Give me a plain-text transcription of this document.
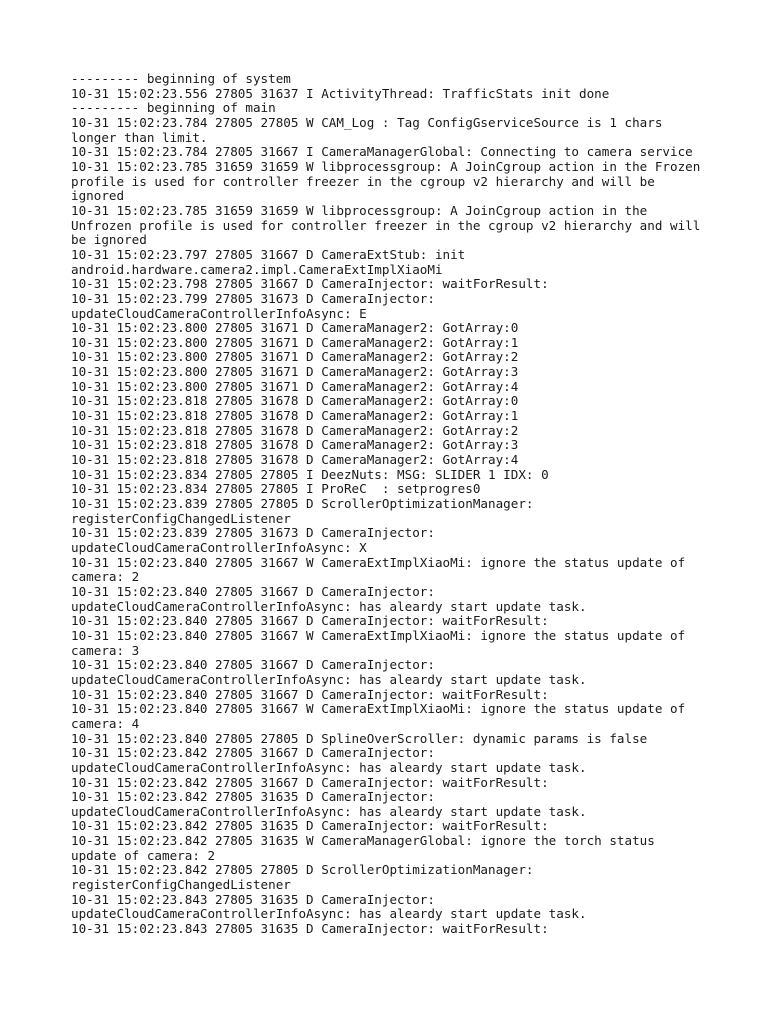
--------- beginning of system
10-31 15:02:23.556 27805 31637 I ActivityThread: TrafficStats init done
--------- beginning of main
10-31 15:02:23.784 27805 27805 W CAM_Log : Tag ConfigGserviceSource is 1 chars
longer than limit.
10-31 15:02:23.784 27805 31667 I CameraManagerGlobal: Connecting to camera service
10-31 15:02:23.785 31659 31659 W libprocessgroup: A JoinCgroup action in the Frozen
profile is used for controller freezer in the cgroup v2 hierarchy and will be
ignored
10-31 15:02:23.785 31659 31659 W libprocessgroup: A JoinCgroup action in the
Unfrozen profile is used for controller freezer in the cgroup v2 hierarchy and will
be ignored
10-31 15:02:23.797 27805 31667 D CameraExtStub: init
android.hardware.camera2.impl.CameraExtImplXiaoMi
10-31 15:02:23.798 27805 31667 D CameraInjector: waitForResult:
10-31 15:02:23.799 27805 31673 D CameraInjector:
updateCloudCameraControllerInfoAsync: E
10-31 15:02:23.800 27805 31671 D CameraManager2: GotArray:0
10-31 15:02:23.800 27805 31671 D CameraManager2: GotArray:1
10-31 15:02:23.800 27805 31671 D CameraManager2: GotArray:2
10-31 15:02:23.800 27805 31671 D CameraManager2: GotArray:3
10-31 15:02:23.800 27805 31671 D CameraManager2: GotArray:4
10-31 15:02:23.818 27805 31678 D CameraManager2: GotArray:0
10-31 15:02:23.818 27805 31678 D CameraManager2: GotArray:1
10-31 15:02:23.818 27805 31678 D CameraManager2: GotArray:2
10-31 15:02:23.818 27805 31678 D CameraManager2: GotArray:3
10-31 15:02:23.818 27805 31678 D CameraManager2: GotArray:4
10-31 15:02:23.834 27805 27805 I DeezNuts: MSG: SLIDER 1 IDX: 0
10-31 15:02:23.834 27805 27805 I ProReC  : setprogres0
10-31 15:02:23.839 27805 27805 D ScrollerOptimizationManager:
registerConfigChangedListener
10-31 15:02:23.839 27805 31673 D CameraInjector:
updateCloudCameraControllerInfoAsync: X
10-31 15:02:23.840 27805 31667 W CameraExtImplXiaoMi: ignore the status update of
camera: 2
10-31 15:02:23.840 27805 31667 D CameraInjector:
updateCloudCameraControllerInfoAsync: has aleardy start update task.
10-31 15:02:23.840 27805 31667 D CameraInjector: waitForResult:
10-31 15:02:23.840 27805 31667 W CameraExtImplXiaoMi: ignore the status update of
camera: 3
10-31 15:02:23.840 27805 31667 D CameraInjector:
updateCloudCameraControllerInfoAsync: has aleardy start update task.
10-31 15:02:23.840 27805 31667 D CameraInjector: waitForResult:
10-31 15:02:23.840 27805 31667 W CameraExtImplXiaoMi: ignore the status update of
camera: 4
10-31 15:02:23.840 27805 27805 D SplineOverScroller: dynamic params is false
10-31 15:02:23.842 27805 31667 D CameraInjector:
updateCloudCameraControllerInfoAsync: has aleardy start update task.
10-31 15:02:23.842 27805 31667 D CameraInjector: waitForResult:
10-31 15:02:23.842 27805 31635 D CameraInjector:
updateCloudCameraControllerInfoAsync: has aleardy start update task.
10-31 15:02:23.842 27805 31635 D CameraInjector: waitForResult:
10-31 15:02:23.842 27805 31635 W CameraManagerGlobal: ignore the torch status
update of camera: 2
10-31 15:02:23.842 27805 27805 D ScrollerOptimizationManager:
registerConfigChangedListener
10-31 15:02:23.843 27805 31635 D CameraInjector:
updateCloudCameraControllerInfoAsync: has aleardy start update task.
10-31 15:02:23.843 27805 31635 D CameraInjector: waitForResult:
